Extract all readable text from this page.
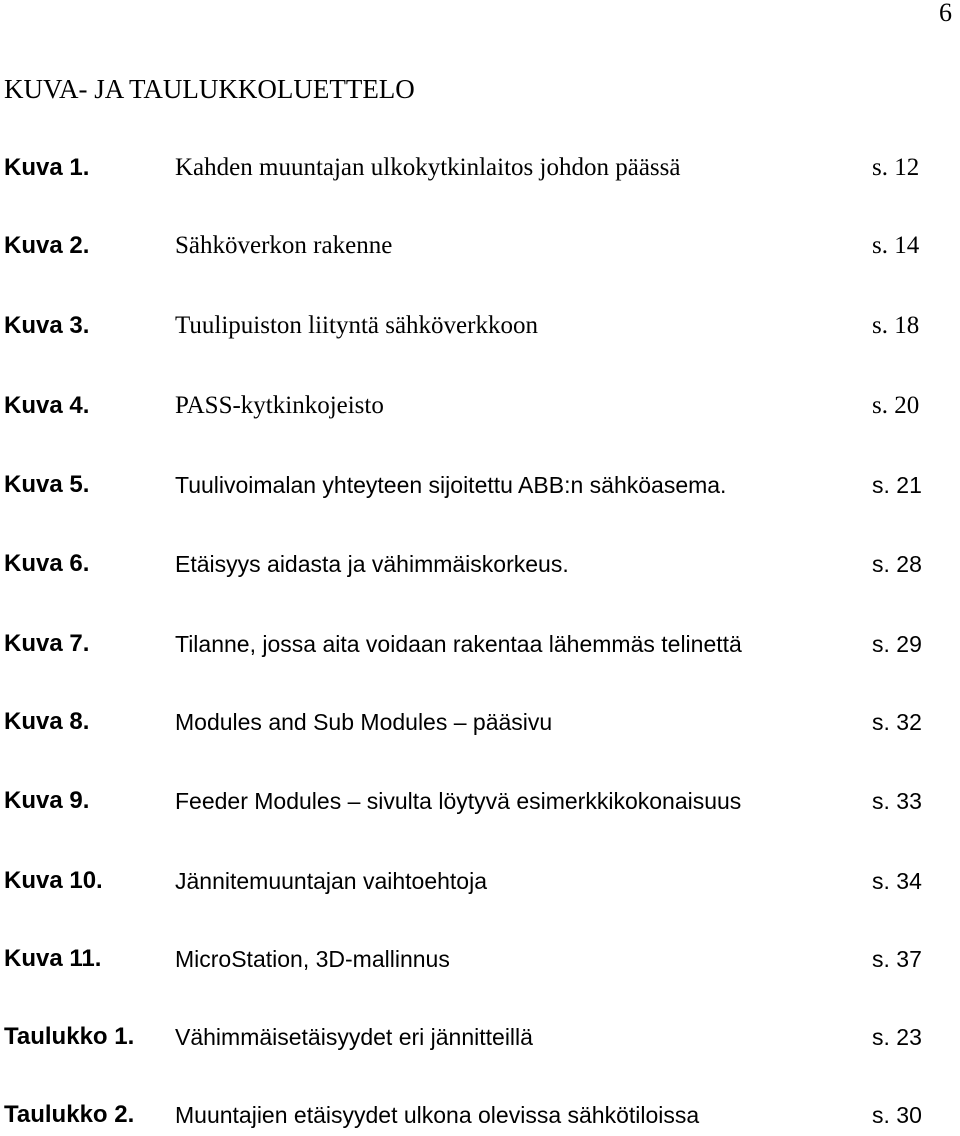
6
KUVA- JA TAULUKKOLUETTELO
Kuva 1.	Kahden muuntajan ulkokytkinlaitos johdon päässä	s. 12
Kuva 2.	Sähköverkon rakenne	s. 14
Kuva 3.	Tuulipuiston liityntä sähköverkkoon	s. 18
Kuva 4.	PASS-kytkinkojeisto	s. 20
Kuva 5.	Tuulivoimalan yhteyteen sijoitettu ABB:n sähköasema.	s. 21
Kuva 6.	Etäisyys aidasta ja vähimmäiskorkeus.	s. 28
Kuva 7.	Tilanne, jossa aita voidaan rakentaa lähemmäs telinettä	s. 29
Kuva 8.	Modules and Sub Modules – pääsivu	s. 32
Kuva 9.	Feeder Modules – sivulta löytyvä esimerkkikokonaisuus	s. 33
Kuva 10.	Jännitemuuntajan vaihtoehtoja	s. 34
Kuva 11.	MicroStation, 3D-mallinnus	s. 37
Taulukko 1. Vähimmäisetäisyydet eri jännitteillä	s. 23
Taulukko 2. Muuntajien etäisyydet ulkona olevissa sähkötiloissa	s. 30
